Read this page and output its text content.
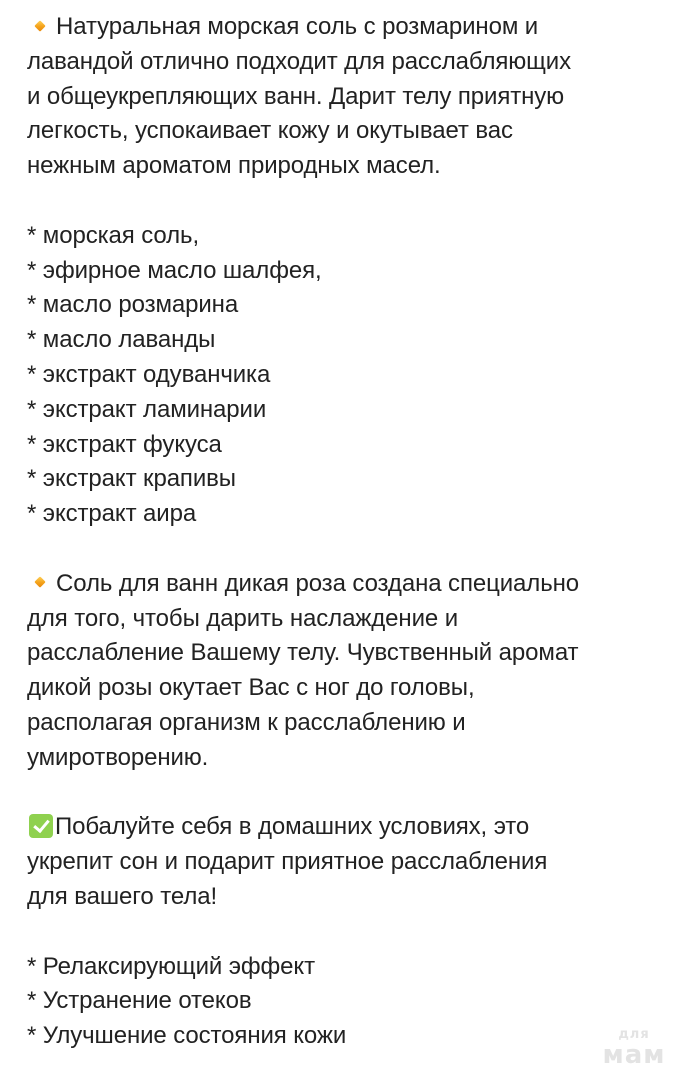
Натуральная морская соль с розмарином и
лавандой отлично подходит для расслабляющих
и общеукрепляющих ванн. Дарит телу приятную
легкость, успокаивает кожу и окутывает вас
нежным ароматом природных масел.

* морская соль,

* эфирное масло шалфея,

* масло розмарина

* масло лаванды

* экстракт одуванчика

* экстракт ламинарии

* экстракт фукуса

* экстракт крапивы

* экстракт аира

Соль для ванн дикая роза создана специально
для того, чтобы дарить наслаждение и
расслабление Вашему телу. Чувственный аромат
дикой розы окутает Вас с ног до головы,
располагая организм к расслаблению и
умиротворению.

Побалуйте себя в домашних условиях, это
укрепит сон и подарит приятное расслабления
для вашего тела!

* Релаксирующий эффект

* Устранение отеков

* Улучшение состояния кожи	для
мам
